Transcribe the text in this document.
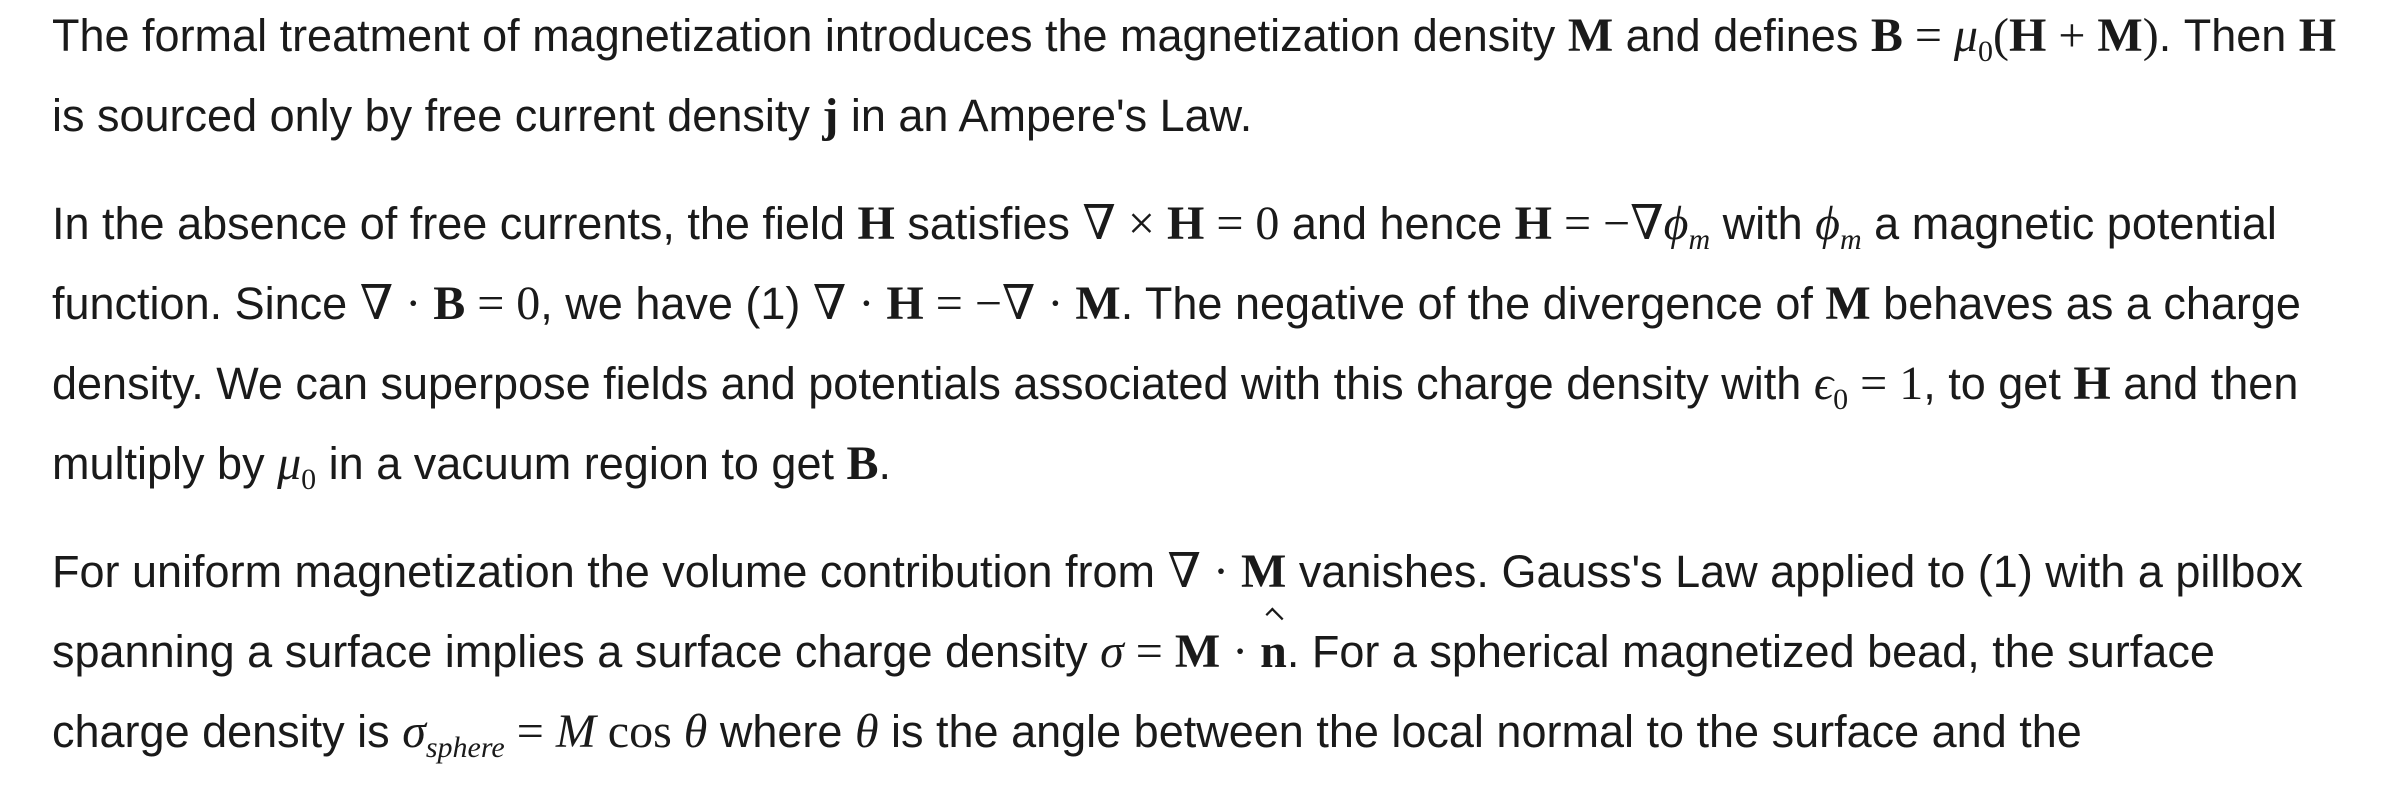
The formal treatment of magnetization introduces the magnetization density M and defines $B = \mu_0(H + M)$. Then H is sourced only by free current density j in an Ampere's Law.

In the absence of free currents, the field H satisfies ∇ × H = 0 and hence $H = -\nabla\phi_m$ with $\phi_m$ a magnetic potential function. Since ∇ · B = 0, we have (1) ∇ · H = −∇ · M. The negative of the divergence of M behaves as a charge density. We can superpose fields and potentials associated with this charge density with $\epsilon_0 = 1$, to get H and then multiply by $\mu_0$ in a vacuum region to get B.

For uniform magnetization the volume contribution from ∇ · M vanishes. Gauss's Law applied to (1) with a pillbox spanning a surface implies a surface charge density σ = M · n. For a spherical magnetized bead, the surface charge density is $\sigma_{sphere} = M$ cos θ where θ is the angle between the local normal to the surface and the
